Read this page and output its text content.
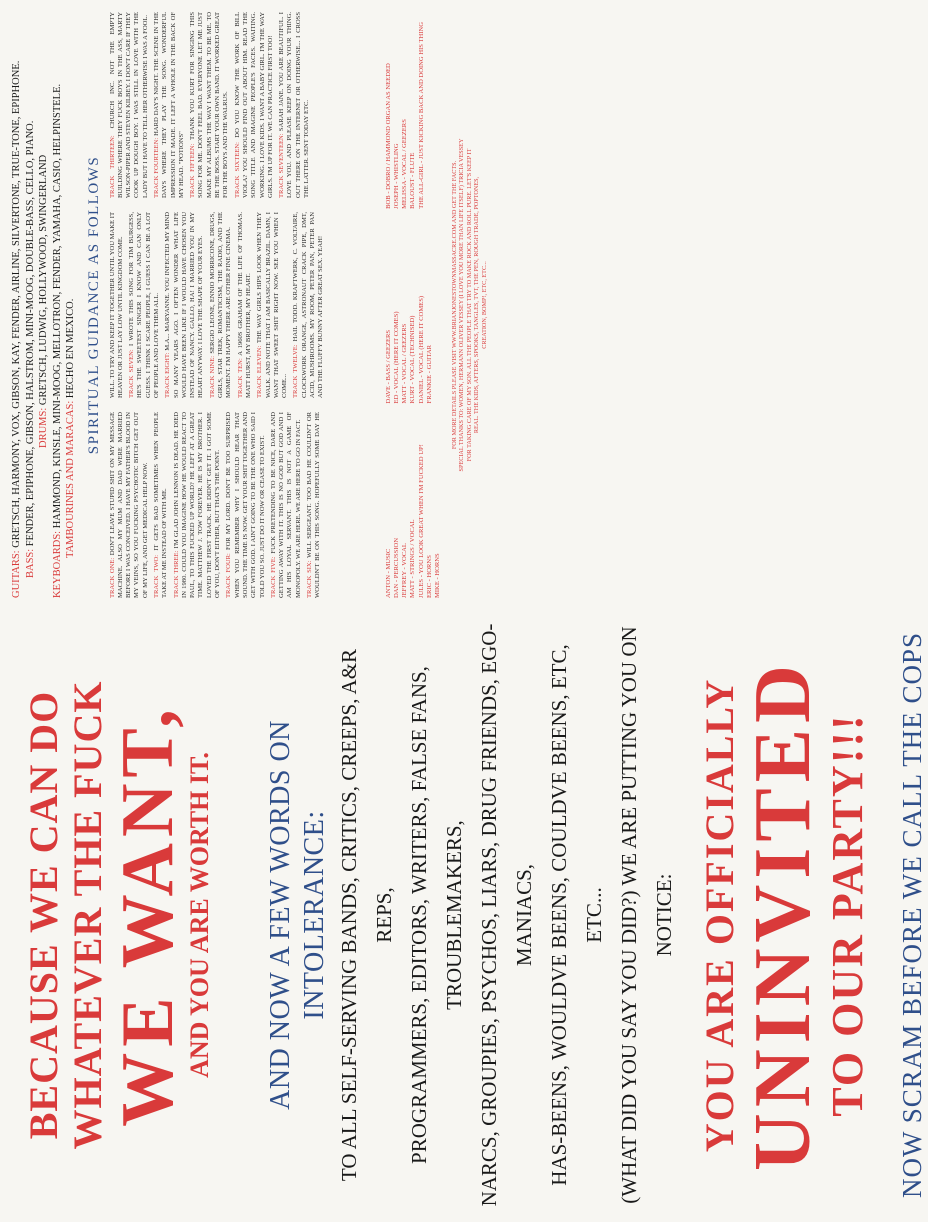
BECAUSE WE CAN DO WHATEVER THE FUCK
WE WANT,
AND YOU ARE WORTH IT. AND NOW A FEW WORDS ON INTOLERANCE: TO ALL SELF-SERVING BANDS, CRITICS, CREEPS, A&R REPS, PROGRAMMERS, EDITORS, WRITERS, FALSE FANS, TROUBLEMAKERS, NARCS, GROUPIES, PSYCHOS, LIARS, DRUG FRIENDS, EGO-MANIACS, HAS-BEENS, WOULDVE BEENS, COULDVE BEENS, ETC, ETC... (WHAT DID YOU SAY YOU DID?) WE ARE PUTTING YOU ON NOTICE: YOU ARE OFFICIALLY
UNINVITED
TO OUR PARTY!!! NOW SCRAM BEFORE WE CALL THE COPS
GUITARS: GRETSCH, HARMONY, VOX, GIBSON, KAY, FENDER, AIRLINE, SILVERTONE, TRUE-TONE, EPIPHONE.
BASS: FENDER, EPIPHONE, GIBSON, HALSTROM, MINI-MOOG, DOUBLE-BASS, CELLO, PIANO. DRUMS: GRETSCH, LUDWIG, HOLLYWOOD, SWINGERLAND
KEYBOARDS: HAMMOND, KINSLE, MINI-MOOG, MELLOTRON, FENDER, YAMAHA, CASIO, HELPINSTELE. TAMBOURINES AND MARACAS: HECHO EN MEXICO. SPIRITUAL GUIDANCE AS FOLLOWS

TRACK ONE: DON'T LEAVE STUPID SHIT ON MY MESSAGE MACHINE. ALSO MY MUM AND DAD WERE MARRIED BEFORE I WAS CONCEIVED. I HAVE MY FATHER'S BLOOD IN MY VEINS, SO YOU FUCKING PSYCHOTIC BITCH GET OUT OF MY LIFE, AND GET MEDICAL HELP NOW. TRACK TWO: IT GETS BAD SOMETIMES WHEN PEOPLE TAKE AT ME INSTEAD OF WITH ME. TRACK THREE: I'M GLAD JOHN LENNON IS DEAD. HE DIED IN 1980. COULD YOU IMAGINE HOW HE WOULD REACT TO PAUL, TO THIS FUCKED UP WORLD? HE LEFT AT A GREAT TIME. MATTHEW J. TOW FOREVER. HE IS MY BROTHER. I LOVED THE FIRST TRACK. HE DIDN'T GET IT. I GOT SOME OF YOU, DON'T EITHER, BUT THAT'S THE POINT. TRACK FOUR: FOR MY LORD. DON'T BE TOO SURPRISED WHEN YOU REMEMBER WHY I SHOULD HEAR THAT SOUND. THE TIME IS NOW. GET YOUR SHIT TOGETHER AND GET WITH GOD. I AIN'T GOING TO BE THE ONE WHO SAID I TOLD YOU SO. JUST DO IT NOW OR CEASE TO EXIST. TRACK FIVE: FUCK PRETENDING TO BE NICE, DARE AND GETTING AWAY WITH IT. THIS IS NO GOD BUT GOD AND I AM HIS LOYAL SERVANT. THIS IS NOT A GAME OF MONOPOLY. WE ARE HERE. WE ARE HERE TO GO IN FACT. TRACK SIX: WILL SERGEANT. TOO BAD HE COULDN'T OR WOULDN'T BE ON THIS SONG. HOPEFULLY SOME DAY HE WILL. TO TRY AND KEEP IT TOGETHER UNTIL YOU MAKE IT HEAVEN OR JUST LAY LOW UNTIL KINGDOM COME. TRACK SEVEN: I WROTE THIS SONG FOR TIM BURGESS, HE'S THE SWEETEST SINGER I KNOW AND CAN ONLY GUESS. I THINK I SCARE PEOPLE, I GUESS I CAN BE A LOT OF PEOPLE AND LOVE THEM ALL. TRACK EIGHT: M.A... MARYANNE. YOU INFECTED MY MIND SO MANY YEARS AGO. I OFTEN WONDER WHAT LIFE WOULD HAVE BEEN LIKE IF I WOULD HAVE CHOSEN YOU INSTEAD OF NANCY. GALLO, HA! I MARRIED YOU IN MY HEART ANYWAY. I LOVE THE SHAPE OF YOUR EYES. TRACK NINE: SERGIO LEONE, ENNIO MORRICONE, DRUGS, GIRLS, STAR TREK, ROMANTICISM, THE RADIO, AND THE MOMENT. I'M HAPPY THERE ARE OTHER FINE CINEMA. TRACK TEN: A 1960S GRAHAM OF THE LIFE OF THOMAS. MATT HURST, MY BROTHER, MY HEART. TRACK ELEVEN: THE WAY GIRLS HIPS LOOK WHEN THEY WALK. AND NOTE THAT I AM BASICALLY BRAZIL. DAMN, I WANT THAT SWEET SHIT RIGHT NOW. SEE YOU WHEN I COME... TRACK TWELVE: HAIL TODD. KRAFTWERK, C. VOLTAIRE, CLOCKWORK ORANGE, ASTRONAUT CRACK PIPE, DMT, ACID, MUSHROOMS. MY ROOM, PETER PAN, PETER PAN AND THE FLUFFY BUNNY AFTER GREAT SEX. YEAH!

TRACK THIRTEEN: CHURCH INC. NOT THE EMPTY BUILDING WHERE THEY FUCK BOYS IN THE ASS, MARTY WILSON-PIPER AND STEVEN KILBEY. I DON'T CARE IF THEY COOK UP DOUGH BOY. I WAS STILL IN LOVE WITH THE LADY BUT I HAVE TO TELL HER OTHERWISE I WAS A FOOL. TRACK FOURTEEN: HARD DAY'S NIGHT. THE SCENE IN THE DAYS WHERE THEY PLAY THE SONG. WONDERFUL IMPRESSION IT MADE. IT LEFT A WHOLE IN THE BACK OF MY HEAD. "POTIONS" TRACK FIFTEEN: THANK YOU KURT FOR SINGING THIS SONG FOR ME. DON'T FEEL BAD. EVERYONE LET ME JUST MAKE MY ALBUMS THE WAY I WANT THEM. TO BE ME. TO BE THE BOSS. START YOUR OWN BAND. IT WORKED GREAT FOR THE BOYS AND THE WALRUS. TRACK SIXTEEN: DO YOU KNOW THE WORK OF BILL VIOLA? YOU SHOULD FIND OUT ABOUT HIM. READ THE SONG TITLE AND IMAGINE PEOPLE'S FACES. WAITING. WORKING. I LOVE KIDS. I WANT A BABY GIRL. I'M THE WAY GIRLS. I'M UP FOR IT. WE CAN PRACTICE FIRST TOO! TRACK SEVENTEEN: SARAH JANE. YOU ARE BEAUTIFUL. I LOVE YOU. AND PLEASE KEEP ON DOING YOUR THING. OUT THERE ON THE INTERNET OR OTHERWISE... I CROSS THE LATTER. SENT TODAY ETC.

ANTON - MUSIC DAN - PERCUSSION JEFFREY - VOCAL MATT - STRINGS / VOCAL JULES - YOU LOOK GREAT WHEN I'M FUCKED UP! ERIC - HORNS MIKE - HORNS
DAVE - BASS / GEEZERS ED - VOCAL (HERE IT COMES) MATT - VOCAL / GEEZERS KURT - VOCAL (TECHNISED) DANIEL - VOCAL (HERE IT COMES) FRANKIE - GUITAR
BOB - DOBRO / HAMMOND ORGAN AS NEEDED JOSEPH - WHISTLING MELISSA - VOCAL / GEEZERS BALOUST - FLUTE THE ALL-GIRL - JUST KICKING BACK AND DOING HIS THING
FOR MORE DETAILS PLEASE VISIT WWW.BRIANJONESTOWNMASSACRE.COM AND GET THE FACTS. SPECIAL THANKS TO: WOMEN, HERMANN OLIVER VESSEY (I LOVE YOU MORE THAN LIFE ITSELF) TRICIA VESSEY FOR TAKING CARE OF MY SON. ALL THE PEOPLE THAT TRY TO MAKE ROCK AND ROLL PURE. LET'S KEEP IT REAL. THE KIDS, AFTERS, SPOOKS, TANGLES, TVT, THE PEN, ROUGH TRADE, POPTONES, CREATION, BOMP!, ETC, ETC...
